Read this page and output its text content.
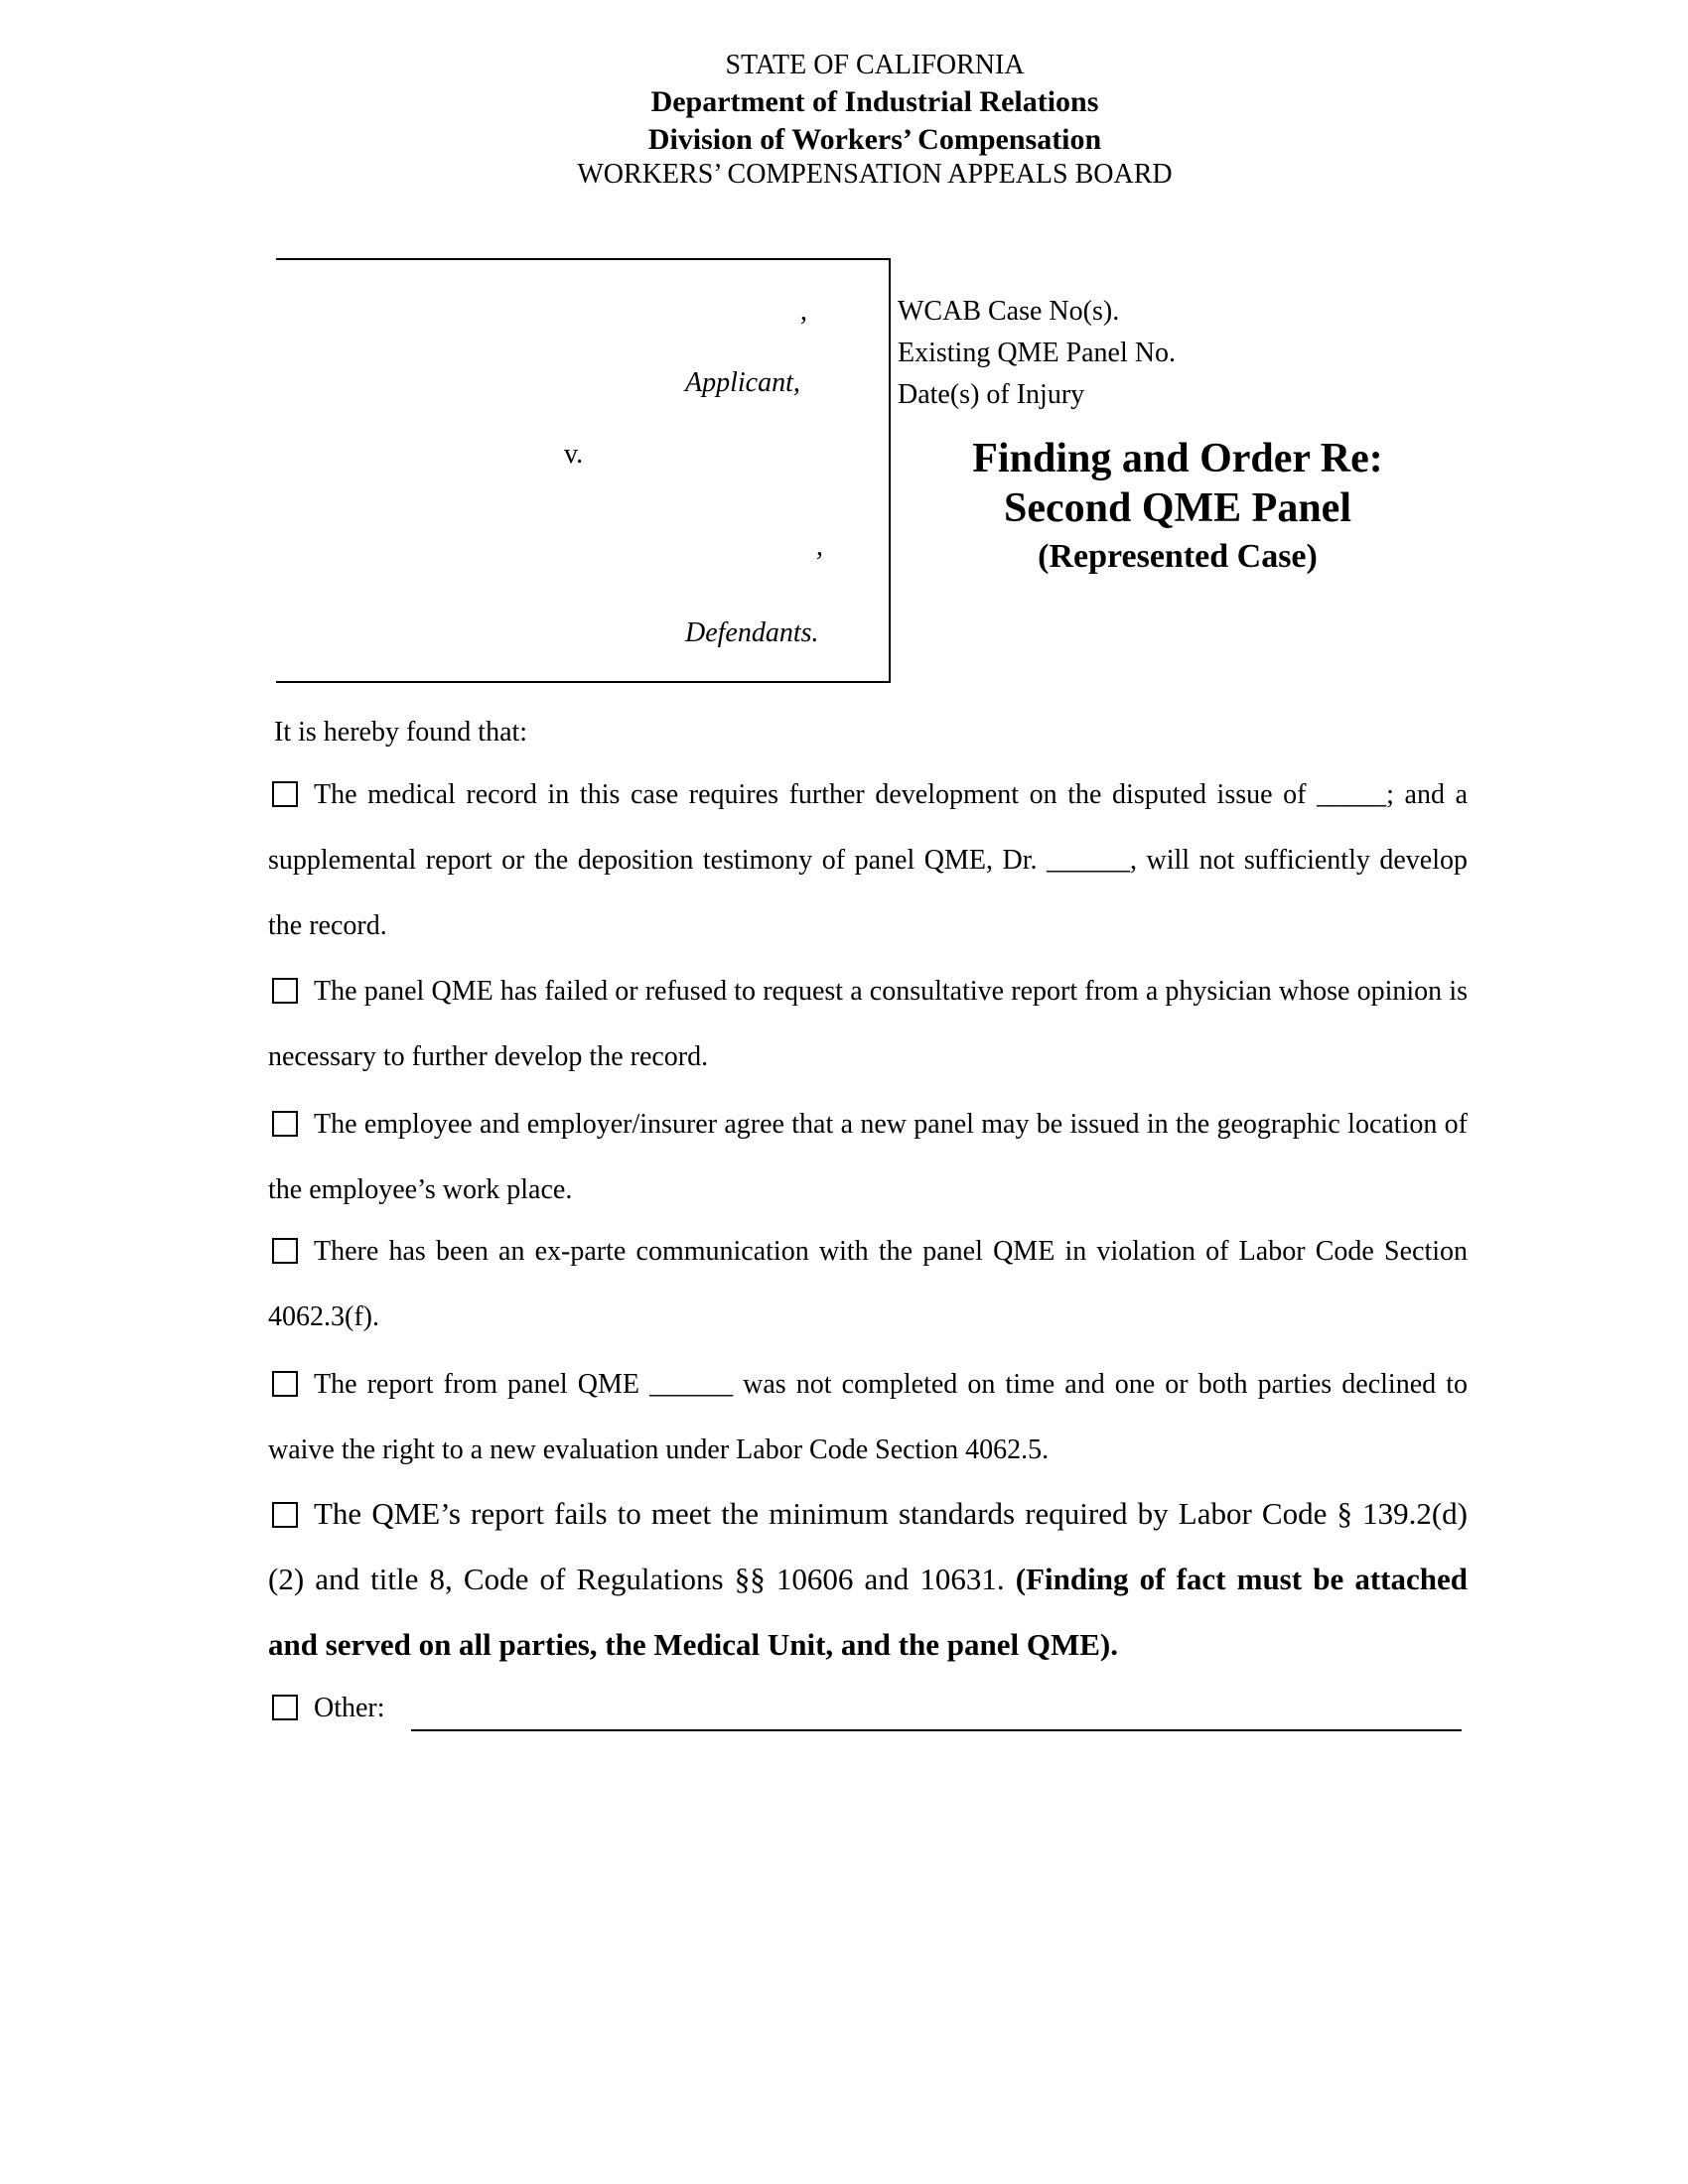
STATE OF CALIFORNIA
Department of Industrial Relations
Division of Workers’ Compensation
WORKERS’ COMPENSATION APPEALS BOARD
,
Applicant,
v.
,
Defendants.
WCAB Case No(s).
Existing QME Panel No.
Date(s) of Injury
Finding and Order Re:
Second QME Panel
(Represented Case)
It is hereby found that:
The medical record in this case requires further development on the disputed issue of _____; and a supplemental report or the deposition testimony of panel QME, Dr. ______, will not sufficiently develop the record.
The panel QME has failed or refused to request a consultative report from a physician whose opinion is necessary to further develop the record.
The employee and employer/insurer agree that a new panel may be issued in the geographic location of the employee’s work place.
There has been an ex-parte communication with the panel QME in violation of Labor Code Section 4062.3(f).
The report from panel QME ______ was not completed on time and one or both parties declined to waive the right to a new evaluation under Labor Code Section 4062.5.
The QME’s report fails to meet the minimum standards required by Labor Code § 139.2(d)(2) and title 8, Code of Regulations §§ 10606 and 10631. (Finding of fact must be attached and served on all parties, the Medical Unit, and the panel QME).
Other:
